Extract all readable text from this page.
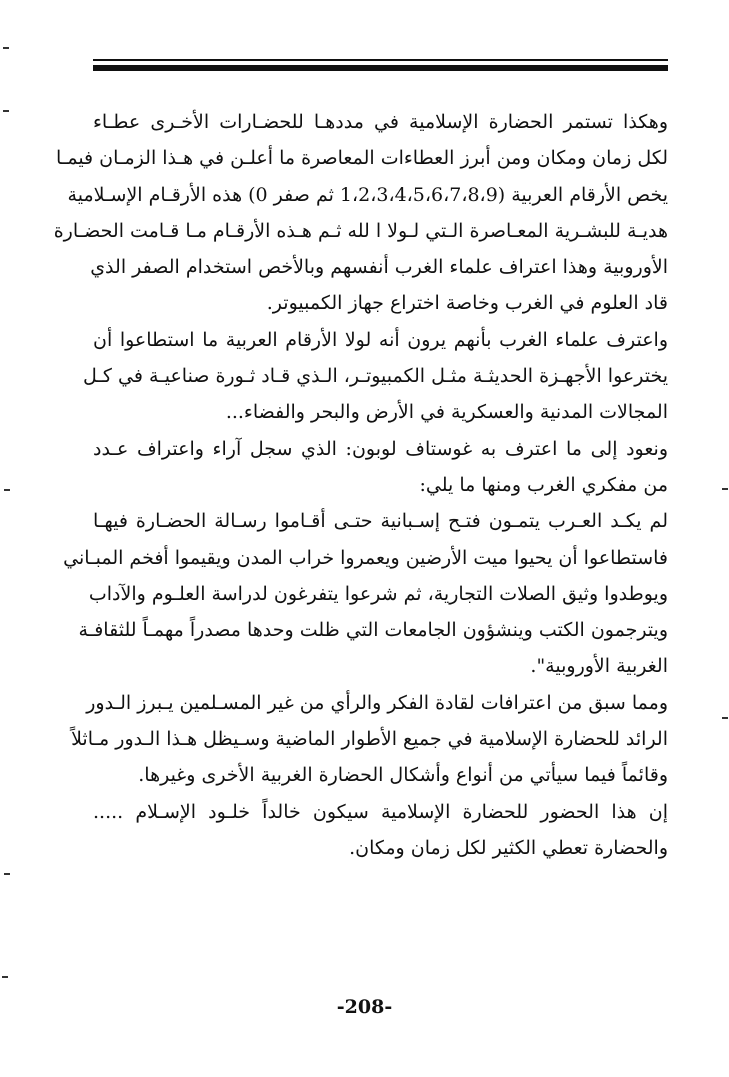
وهكذا تستمر الحضارة الإسلامية في مددهـا للحضـارات الأخـرى عطـاء
لكل زمان ومكان ومن أبرز العطاءات المعاصرة ما أعلـن في هـذا الزمـان فيمـا
يخص الأرقام العربية (1،2،3،4،5،6،7،8،9 ثم صفر 0) هذه الأرقـام الإسـلامية
هديـة للبشـرية المعـاصرة الـتي لـولا ا لله ثـم هـذه الأرقـام مـا قـامت الحضـارة
الأوروبية وهذا اعتراف علماء الغرب أنفسهم وبالأخص استخدام الصفر الذي
قاد العلوم في الغرب وخاصة اختراع جهاز الكمبيوتر.

واعترف علماء الغرب بأنهم يرون أنه لولا الأرقام العربية ما استطاعوا أن
يخترعوا الأجهـزة الحديثـة مثـل الكمبيوتـر، الـذي قـاد ثـورة صناعيـة في كـل
المجالات المدنية والعسكرية في الأرض والبحر والفضاء...

ونعود إلى ما اعترف به غوستاف لوبون: الذي سجل آراء واعتراف عـدد
من مفكري الغرب ومنها ما يلي:

لم يكـد العـرب يتمـون فتـح إسـبانية حتـى أقـاموا رسـالة الحضـارة فيهـا
فاستطاعوا أن يحيوا ميت الأرضين ويعمروا خراب المدن ويقيموا أفخم المبـاني
ويوطدوا وثيق الصلات التجارية، ثم شرعوا يتفرغون لدراسة العلـوم والآداب
ويترجمون الكتب وينشؤون الجامعات التي ظلت وحدها مصدراً مهمـاً للثقافـة
الغربية الأوروبية".

ومما سبق من اعترافات لقادة الفكر والرأي من غير المسـلمين يـبرز الـدور
الرائد للحضارة الإسلامية في جميع الأطوار الماضية وسـيظل هـذا الـدور مـاثلاً
وقائماً فيما سيأتي من أنواع وأشكال الحضارة الغربية الأخرى وغيرها.

إن هذا الحضور للحضارة الإسلامية سيكون خالداً خلـود الإسـلام .....
والحضارة تعطي الكثير لكل زمان ومكان.

-208-
